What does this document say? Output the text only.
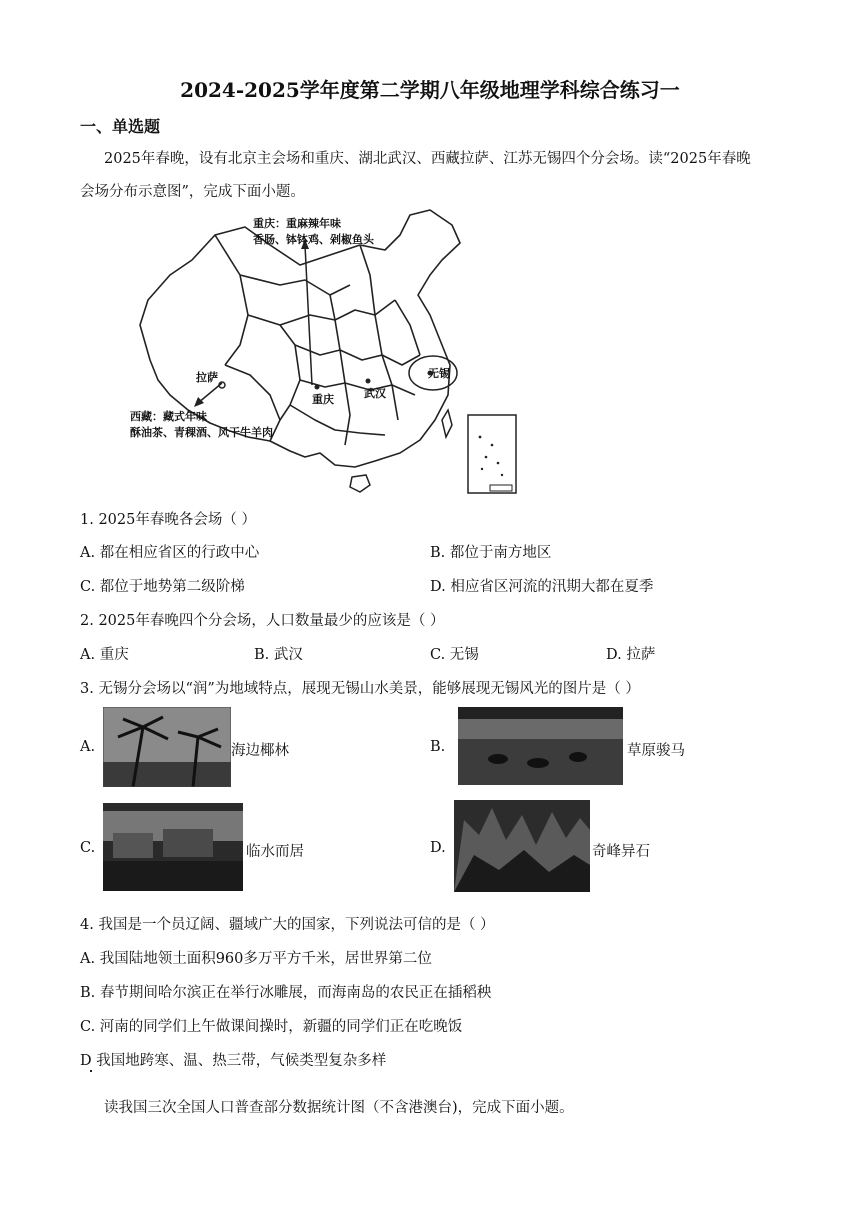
2024-2025学年度第二学期八年级地理学科综合练习一
一、单选题
2025年春晚，设有北京主会场和重庆、湖北武汉、西藏拉萨、江苏无锡四个分会场。读“2025年春晚
会场分布示意图”，完成下面小题。
重庆：重麻辣年味
香肠、钵钵鸡、剁椒鱼头
西藏：藏式年味
酥油茶、青稞酒、风干牛羊肉
拉萨
重庆	武汉
无锡
1. 2025年春晚各会场（ ）
A. 都在相应省区的行政中心	B. 都位于南方地区
C. 都位于地势第二级阶梯	D. 相应省区河流的汛期大都在夏季
2. 2025年春晚四个分会场，人口数量最少的应该是（ ）
A. 重庆	B. 武汉	C. 无锡	D. 拉萨
3. 无锡分会场以“润”为地域特点，展现无锡山水美景，能够展现无锡风光的图片是（ ）
A.	海边椰林	B.	草原骏马
C.	临水而居	D.	奇峰异石
4. 我国是一个员辽阔、疆域广大的国家，下列说法可信的是（ ）
A. 我国陆地领土面积960多万平方千米，居世界第二位
B. 春节期间哈尔滨正在举行冰雕展，而海南岛的农民正在插稻秧
C. 河南的同学们上午做课间操时，新疆的同学们正在吃晚饭
D 我国地跨寒、温、热三带，气候类型复杂多样
读我国三次全国人口普查部分数据统计图（不含港澳台)，完成下面小题。
